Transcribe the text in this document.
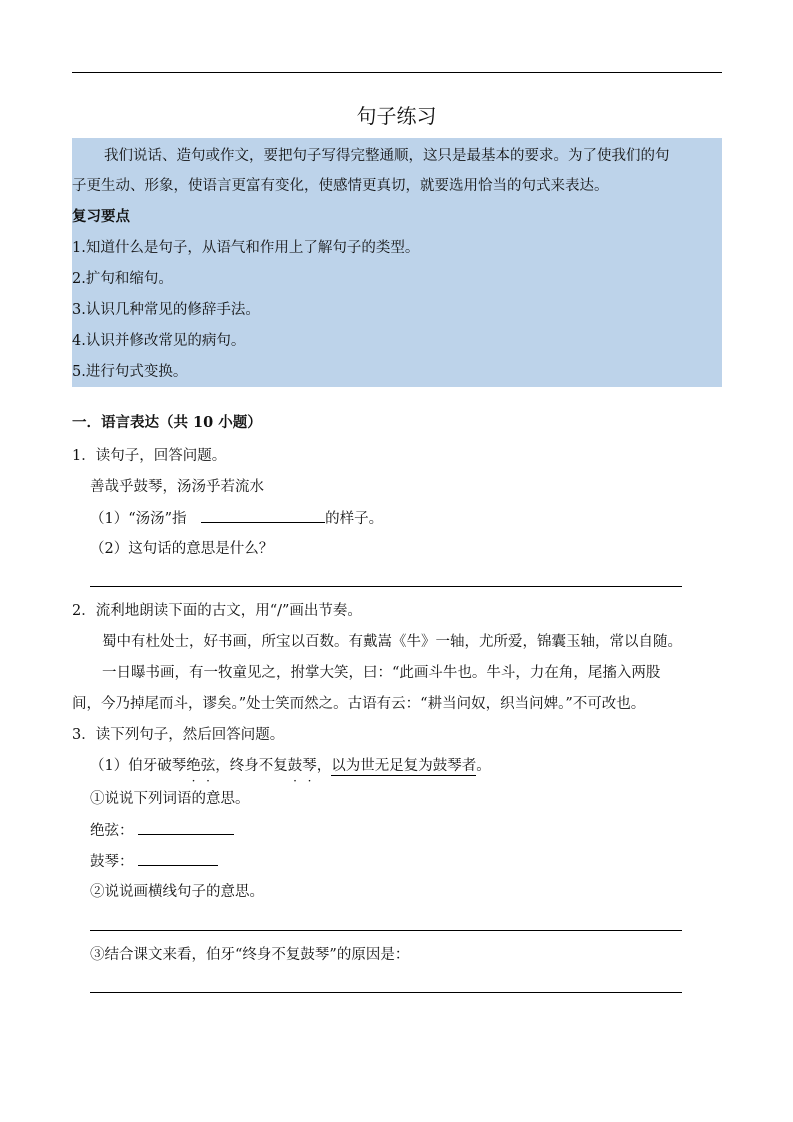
句子练习
我们说话、造句或作文，要把句子写得完整通顺，这只是最基本的要求。为了使我们的句
子更生动、形象，使语言更富有变化，使感情更真切，就要选用恰当的句式来表达。
复习要点
1.知道什么是句子，从语气和作用上了解句子的类型。
2.扩句和缩句。
3.认识几种常见的修辞手法。
4.认识并修改常见的病句。
5.进行句式变换。
一．语言表达（共 10 小题）
1．读句子，回答问题。
善哉乎鼓琴，汤汤乎若流水
（1）“汤汤”指	的样子。
（2）这句话的意思是什么？
2．流利地朗读下面的古文，用“/”画出节奏。
蜀中有杜处士，好书画，所宝以百数。有戴嵩《牛》一轴，尤所爱，锦囊玉轴，常以自随。
一日曝书画，有一牧童见之，拊掌大笑，曰：“此画斗牛也。牛斗，力在角，尾搐入两股
间，今乃掉尾而斗，谬矣。”处士笑而然之。古语有云：“耕当问奴，织当问婢。”不可改也。
3．读下列句子，然后回答问题。
（1）伯牙破琴绝弦，终身不复鼓琴，以为世无足复为鼓琴者。
①说说下列词语的意思。
绝弦：
鼓琴：
②说说画横线句子的意思。
③结合课文来看，伯牙“终身不复鼓琴”的原因是：
